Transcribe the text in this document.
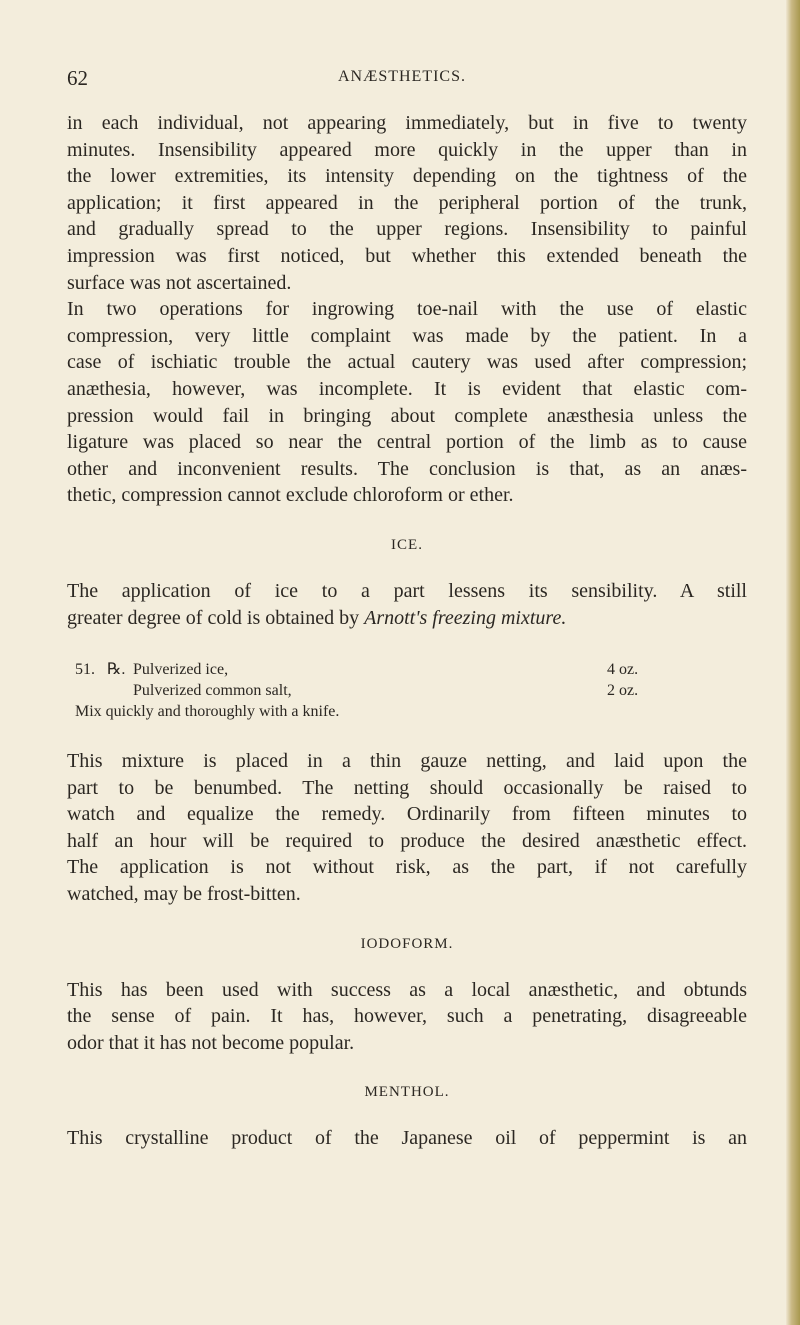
62	ANÆSTHETICS.

in each individual, not appearing immediately, but in five to twenty
minutes. Insensibility appeared more quickly in the upper than in
the lower extremities, its intensity depending on the tightness of the
application; it first appeared in the peripheral portion of the trunk,
and gradually spread to the upper regions. Insensibility to painful
impression was first noticed, but whether this extended beneath the
surface was not ascertained.

In two operations for ingrowing toe-nail with the use of elastic
compression, very little complaint was made by the patient. In a
case of ischiatic trouble the actual cautery was used after compression;
anæthesia, however, was incomplete. It is evident that elastic com-
pression would fail in bringing about complete anæsthesia unless the
ligature was placed so near the central portion of the limb as to cause
other and inconvenient results. The conclusion is that, as an anæs-
thetic, compression cannot exclude chloroform or ether.

ICE.

The application of ice to a part lessens its sensibility. A still
greater degree of cold is obtained by Arnott's freezing mixture.

51. ℞. Pulverized ice,	4 oz.
Pulverized common salt,	2 oz.
Mix quickly and thoroughly with a knife.

This mixture is placed in a thin gauze netting, and laid upon the
part to be benumbed. The netting should occasionally be raised to
watch and equalize the remedy. Ordinarily from fifteen minutes to
half an hour will be required to produce the desired anæsthetic effect.
The application is not without risk, as the part, if not carefully
watched, may be frost-bitten.

IODOFORM.

This has been used with success as a local anæsthetic, and obtunds
the sense of pain. It has, however, such a penetrating, disagreeable
odor that it has not become popular.

MENTHOL.

This crystalline product of the Japanese oil of peppermint is an
